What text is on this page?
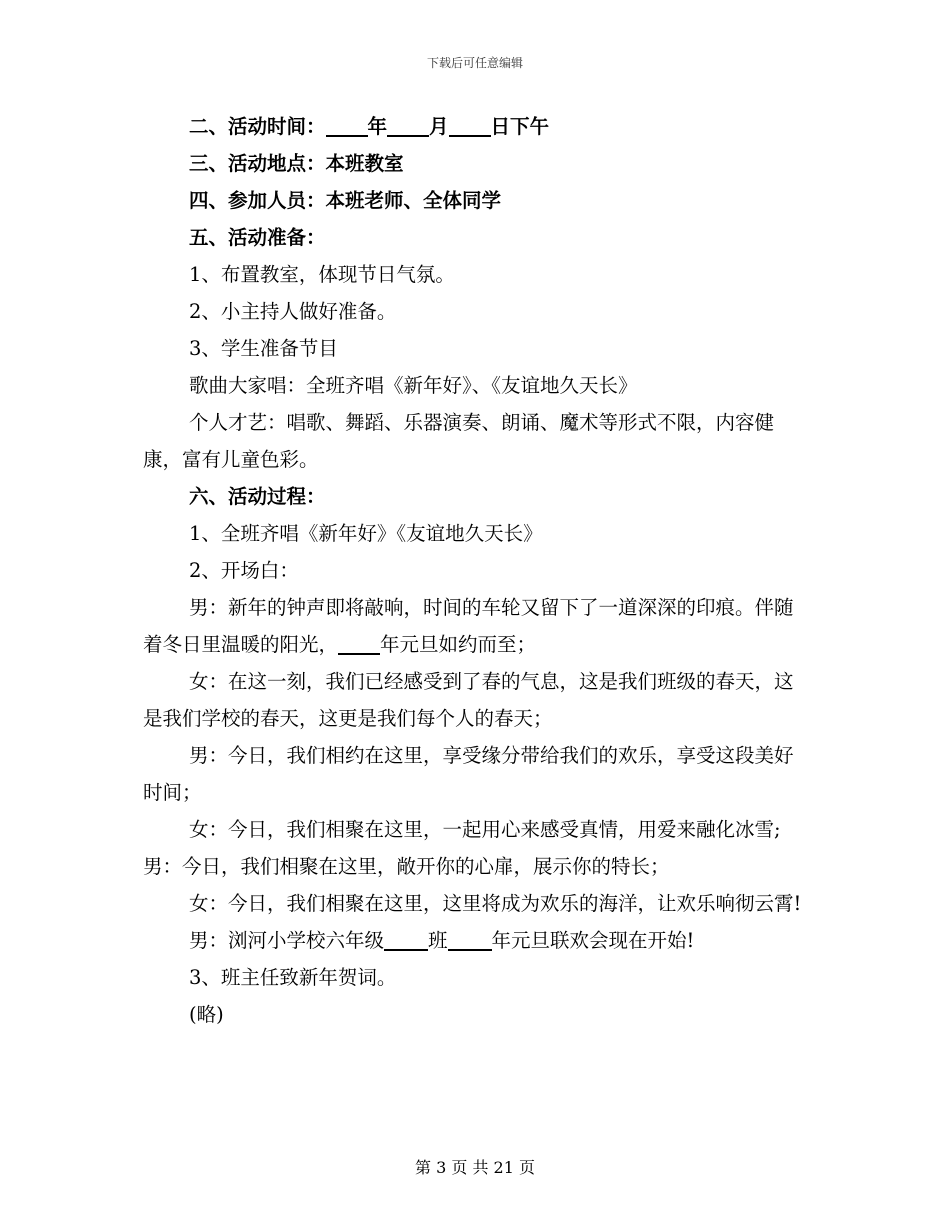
下载后可任意编辑

二、活动时间： 年 月 日下午

三、活动地点：本班教室

四、参加人员：本班老师、全体同学

五、活动准备：

1、布置教室，体现节日气氛。

2、小主持人做好准备。

3、学生准备节目

歌曲大家唱：全班齐唱《新年好》、《友谊地久天长》

个人才艺：唱歌、舞蹈、乐器演奏、朗诵、魔术等形式不限，内容健康，富有儿童色彩。

六、活动过程：

1、全班齐唱《新年好》《友谊地久天长》

2、开场白：

男：新年的钟声即将敲响，时间的车轮又留下了一道深深的印痕。伴随着冬日里温暖的阳光， 年元旦如约而至；

女：在这一刻，我们已经感受到了春的气息，这是我们班级的春天，这是我们学校的春天，这更是我们每个人的春天；

男：今日，我们相约在这里，享受缘分带给我们的欢乐，享受这段美好时间；

女：今日，我们相聚在这里，一起用心来感受真情，用爱来融化冰雪;男：今日，我们相聚在这里，敞开你的心扉，展示你的特长；

女：今日，我们相聚在这里，这里将成为欢乐的海洋，让欢乐响彻云霄!

男：浏河小学校六年级 班 年元旦联欢会现在开始!

3、班主任致新年贺词。

(略)

第 3 页 共 21 页
